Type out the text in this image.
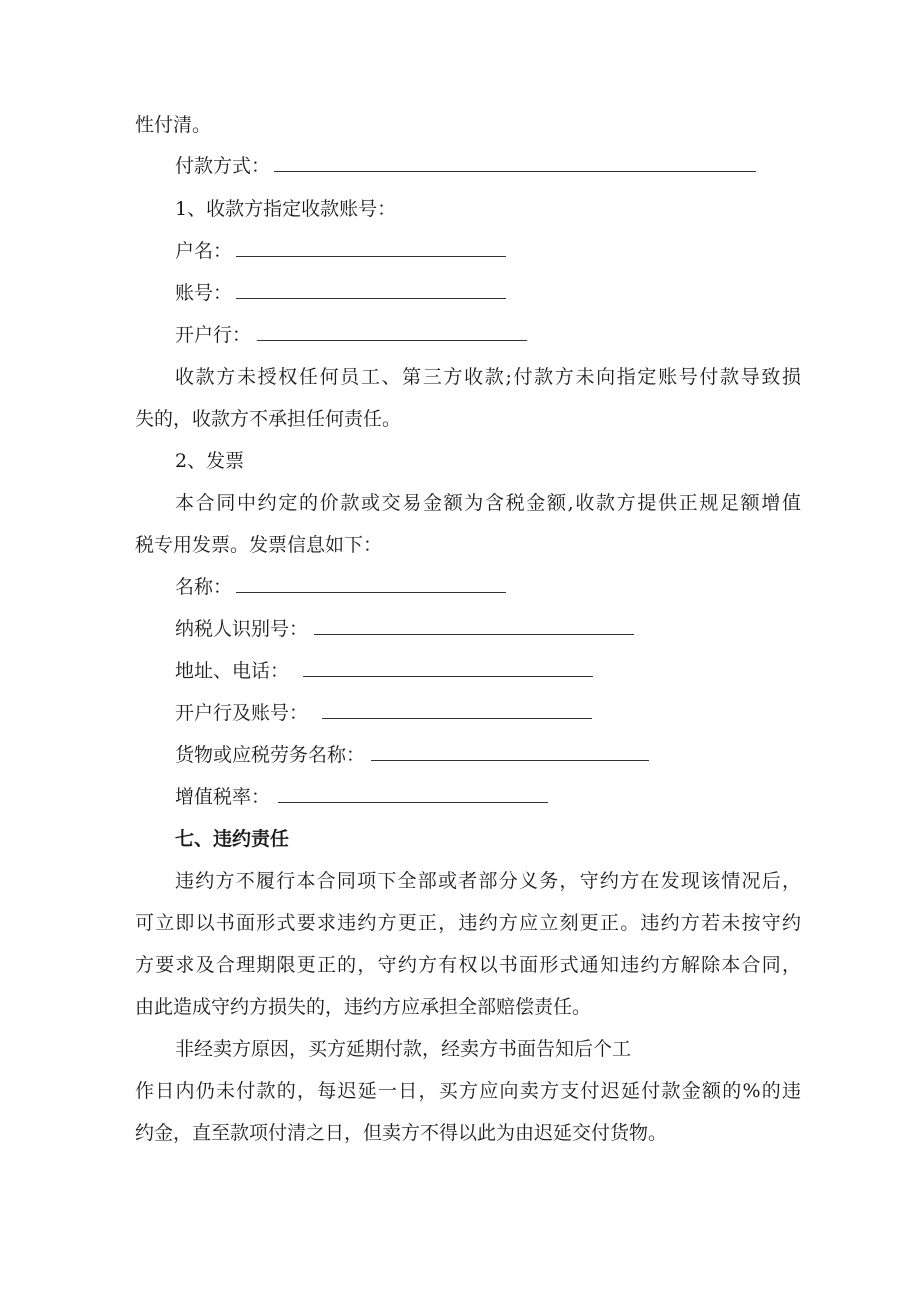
性付清。
付款方式：
1、收款方指定收款账号：
户名：
账号：
开户行：
收款方未授权任何员工、第三方收款;付款方未向指定账号付款导致损
失的，收款方不承担任何责任。
2、发票
本合同中约定的价款或交易金额为含税金额,收款方提供正规足额增值
税专用发票。发票信息如下：
名称：
纳税人识别号：
地址、电话：
开户行及账号：
货物或应税劳务名称：
增值税率：
七、违约责任
违约方不履行本合同项下全部或者部分义务，守约方在发现该情况后，
可立即以书面形式要求违约方更正，违约方应立刻更正。违约方若未按守约
方要求及合理期限更正的，守约方有权以书面形式通知违约方解除本合同，
由此造成守约方损失的，违约方应承担全部赔偿责任。
非经卖方原因，买方延期付款，经卖方书面告知后个工
作日内仍未付款的，每迟延一日，买方应向卖方支付迟延付款金额的%的违
约金，直至款项付清之日，但卖方不得以此为由迟延交付货物。
